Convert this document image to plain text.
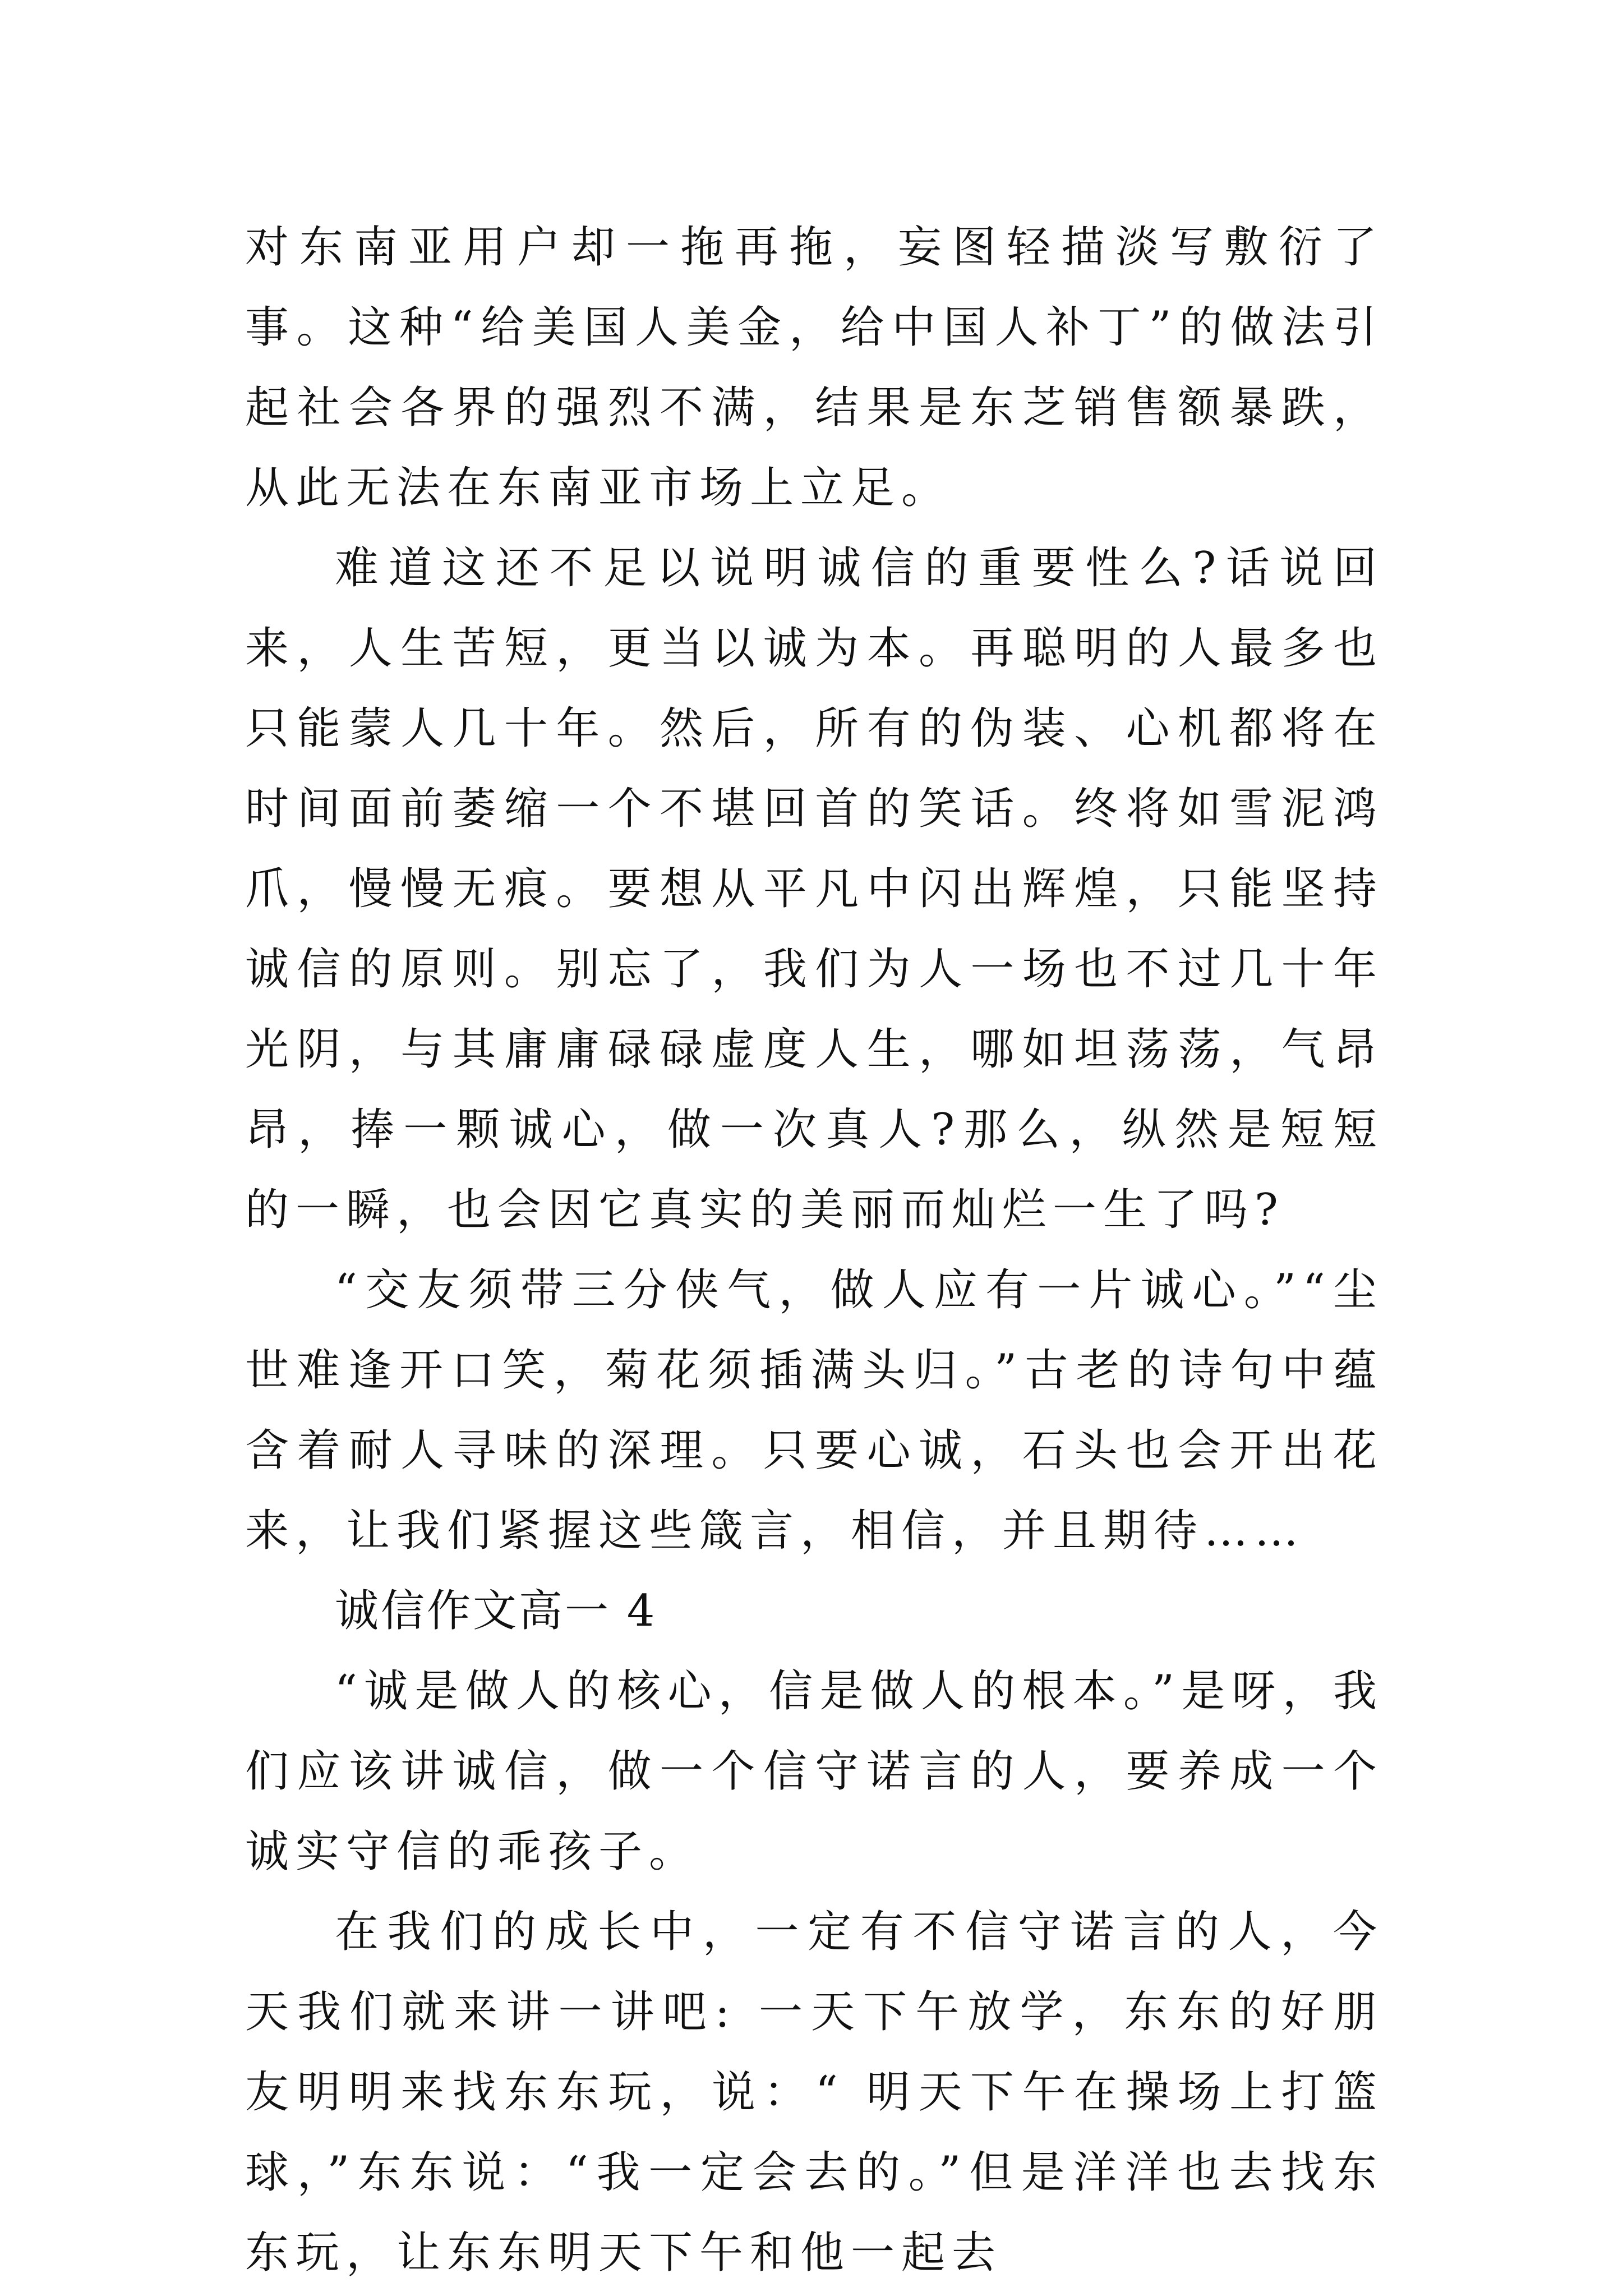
对东南亚用户却一拖再拖，妄图轻描淡写敷衍了事。这种“给美国人美金，给中国人补丁”的做法引起社会各界的强烈不满，结果是东芝销售额暴跌，从此无法在东南亚市场上立足。

难道这还不足以说明诚信的重要性么?话说回来，人生苦短，更当以诚为本。再聪明的人最多也只能蒙人几十年。然后，所有的伪装、心机都将在时间面前萎缩一个不堪回首的笑话。终将如雪泥鸿爪，慢慢无痕。要想从平凡中闪出辉煌，只能坚持诚信的原则。别忘了，我们为人一场也不过几十年光阴，与其庸庸碌碌虚度人生，哪如坦荡荡，气昂昂，捧一颗诚心，做一次真人?那么，纵然是短短的一瞬，也会因它真实的美丽而灿烂一生了吗?

“交友须带三分侠气，做人应有一片诚心。”“尘世难逢开口笑，菊花须插满头归。”古老的诗句中蕴含着耐人寻味的深理。只要心诚，石头也会开出花来，让我们紧握这些箴言，相信，并且期待……

诚信作文高一 4

“诚是做人的核心，信是做人的根本。”是呀，我们应该讲诚信，做一个信守诺言的人，要养成一个诚实守信的乖孩子。

在我们的成长中，一定有不信守诺言的人，今天我们就来讲一讲吧: 一天下午放学，东东的好朋友明明来找东东玩，说：“ 明天下午在操场上打篮球，”东东说：“我一定会去的。”但是洋洋也去找东东玩，让东东明天下午和他一起去
